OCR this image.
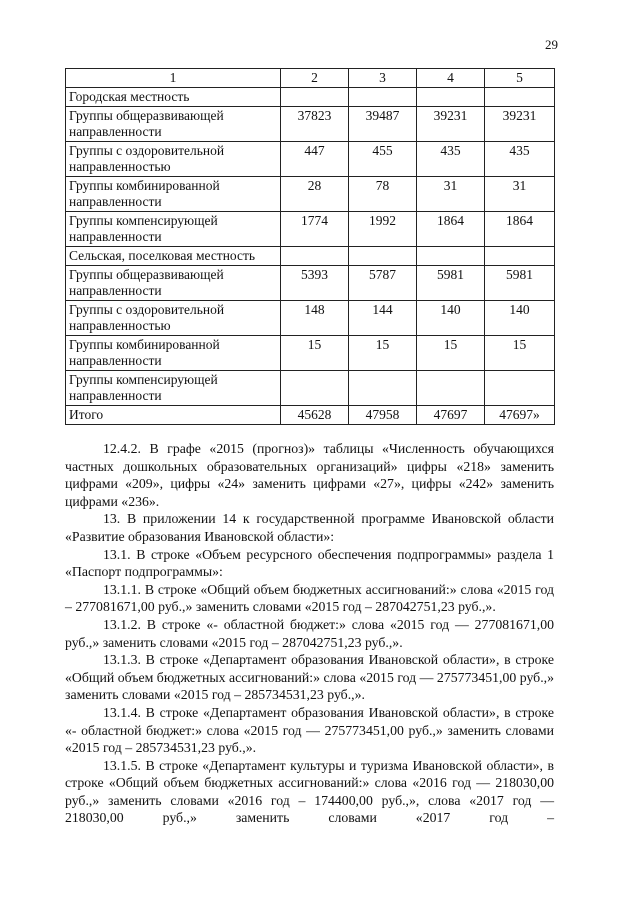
29
1	2	3	4	5
Городская местность				
Группы общеразвивающей направленности	37823	39487	39231	39231
Группы с оздоровительной направленностью	447	455	435	435
Группы комбинированной направленности	28	78	31	31
Группы компенсирующей направленности	1774	1992	1864	1864
Сельская, поселковая местность				
Группы общеразвивающей направленности	5393	5787	5981	5981
Группы с оздоровительной направленностью	148	144	140	140
Группы комбинированной направленности	15	15	15	15
Группы компенсирующей направленности				
Итого	45628	47958	47697	47697»

12.4.2. В графе «2015 (прогноз)» таблицы «Численность обучающихся частных дошкольных образовательных организаций» цифры «218» заменить цифрами «209», цифры «24» заменить цифрами «27», цифры «242» заменить цифрами «236».

13. В приложении 14 к государственной программе Ивановской области «Развитие образования Ивановской области»:

13.1. В строке «Объем ресурсного обеспечения подпрограммы» раздела 1 «Паспорт подпрограммы»:

13.1.1. В строке «Общий объем бюджетных ассигнований:» слова «2015 год – 277081671,00 руб.,» заменить словами «2015 год – 287042751,23 руб.,».

13.1.2. В строке «- областной бюджет:» слова «2015 год — 277081671,00 руб.,» заменить словами «2015 год – 287042751,23 руб.,».

13.1.3. В строке «Департамент образования Ивановской области», в строке «Общий объем бюджетных ассигнований:» слова «2015 год — 275773451,00 руб.,» заменить словами «2015 год – 285734531,23 руб.,».

13.1.4. В строке «Департамент образования Ивановской области», в строке «- областной бюджет:» слова «2015 год — 275773451,00 руб.,» заменить словами «2015 год – 285734531,23 руб.,».

13.1.5. В строке «Департамент культуры и туризма Ивановской области», в строке «Общий объем бюджетных ассигнований:» слова «2016 год — 218030,00 руб.,» заменить словами «2016 год – 174400,00 руб.,», слова «2017 год — 218030,00 руб.,» заменить словами «2017 год –
